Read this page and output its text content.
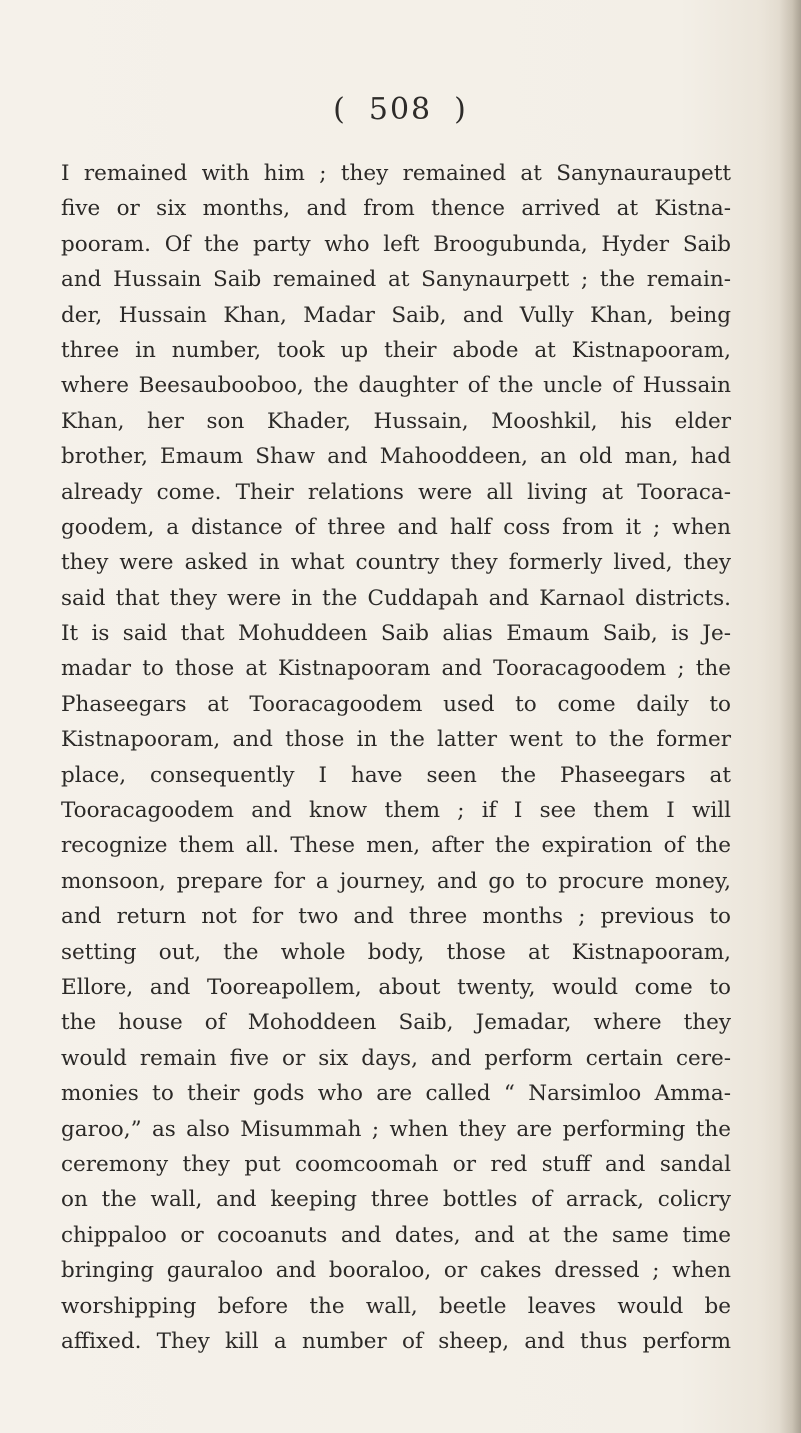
( 508 )
I remained with him ; they remained at Sanynauraupett
five or six months, and from thence arrived at Kistna-
pooram. Of the party who left Broogubunda, Hyder Saib
and Hussain Saib remained at Sanynaurpett ; the remain-
der, Hussain Khan, Madar Saib, and Vully Khan, being
three in number, took up their abode at Kistnapooram,
where Beesaubooboo, the daughter of the uncle of Hussain
Khan, her son Khader, Hussain, Mooshkil, his elder
brother, Emaum Shaw and Mahooddeen, an old man, had
already come. Their relations were all living at Tooraca-
goodem, a distance of three and half coss from it ; when
they were asked in what country they formerly lived, they
said that they were in the Cuddapah and Karnaol districts.
It is said that Mohuddeen Saib alias Emaum Saib, is Je-
madar to those at Kistnapooram and Tooracagoodem ; the
Phaseegars at Tooracagoodem used to come daily to
Kistnapooram, and those in the latter went to the former
place, consequently I have seen the Phaseegars at
Tooracagoodem and know them ; if I see them I will
recognize them all. These men, after the expiration of the
monsoon, prepare for a journey, and go to procure money,
and return not for two and three months ; previous to
setting out, the whole body, those at Kistnapooram,
Ellore, and Tooreapollem, about twenty, would come to
the house of Mohoddeen Saib, Jemadar, where they
would remain five or six days, and perform certain cere-
monies to their gods who are called “ Narsimloo Amma-
garoo,” as also Misummah ; when they are performing the
ceremony they put coomcoomah or red stuff and sandal
on the wall, and keeping three bottles of arrack, colicry
chippaloo or cocoanuts and dates, and at the same time
bringing gauraloo and booraloo, or cakes dressed ; when
worshipping before the wall, beetle leaves would be
affixed. They kill a number of sheep, and thus perform
